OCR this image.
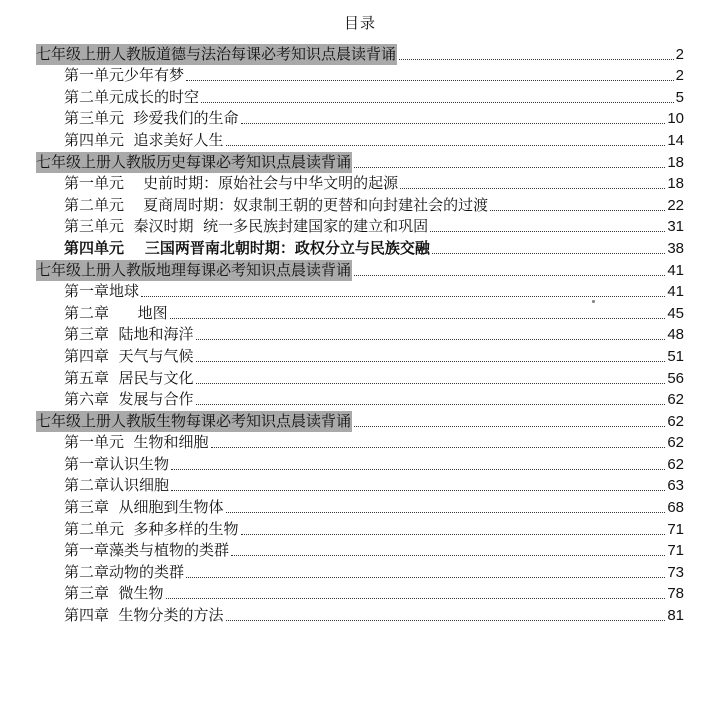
目录
七年级上册人教版道德与法治每课必考知识点晨读背诵	2
第一单元少年有梦	2
第二单元成长的时空	5
第三单元  珍爱我们的生命	10
第四单元  追求美好人生	14
七年级上册人教版历史每课必考知识点晨读背诵	18
第一单元    史前时期：原始社会与中华文明的起源	18
第二单元    夏商周时期：奴隶制王朝的更替和向封建社会的过渡	22
第三单元  秦汉时期  统一多民族封建国家的建立和巩固	31
第四单元    三国两晋南北朝时期：政权分立与民族交融	38
七年级上册人教版地理每课必考知识点晨读背诵	41
第一章地球	41
第二章      地图	45
第三章  陆地和海洋	48
第四章  天气与气候	51
第五章  居民与文化	56
第六章  发展与合作	62
七年级上册人教版生物每课必考知识点晨读背诵	62
第一单元  生物和细胞	62
第一章认识生物	62
第二章认识细胞	63
第三章  从细胞到生物体	68
第二单元  多种多样的生物	71
第一章藻类与植物的类群	71
第二章动物的类群	73
第三章  微生物	78
第四章  生物分类的方法	81
